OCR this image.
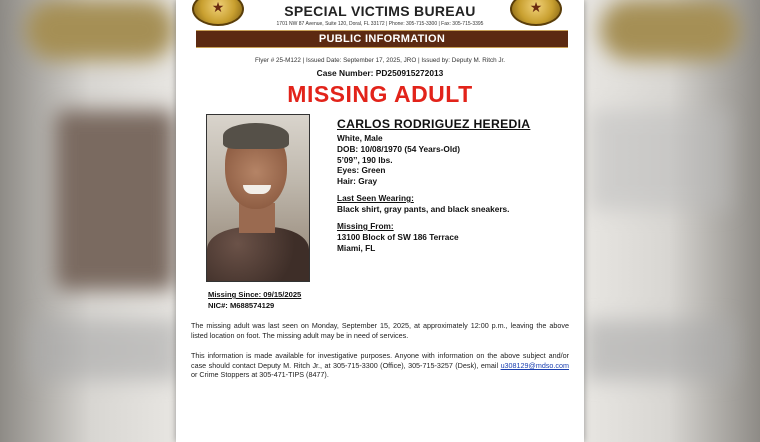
★	★
SPECIAL VICTIMS BUREAU
1701 NW 87 Avenue, Suite 120, Doral, FL 33172 | Phone: 305-715-3300 | Fax: 305-715-3395
PUBLIC INFORMATION
Flyer # 25-M122 | Issued Date: September 17, 2025, JRO | Issued by: Deputy M. Ritch Jr.
Case Number: PD250915272013
MISSING ADULT
Missing Since: 09/15/2025
NIC#: M688574129
CARLOS RODRIGUEZ HEREDIA
White, Male
DOB: 10/08/1970 (54 Years-Old)
5’09’’, 190 lbs.
Eyes: Green
Hair: Gray
Last Seen Wearing:
Black shirt, gray pants, and black sneakers.
Missing From:
13100 Block of SW 186 Terrace
Miami, FL
The missing adult was last seen on Monday, September 15, 2025, at approximately 12:00 p.m., leaving the above listed location on foot. The missing adult may be in need of services.
This information is made available for investigative purposes. Anyone with information on the above subject and/or case should contact Deputy M. Ritch Jr., at 305-715-3300 (Office), 305-715-3257 (Desk), email u308129@mdso.com or Crime Stoppers at 305-471-TIPS (8477).
